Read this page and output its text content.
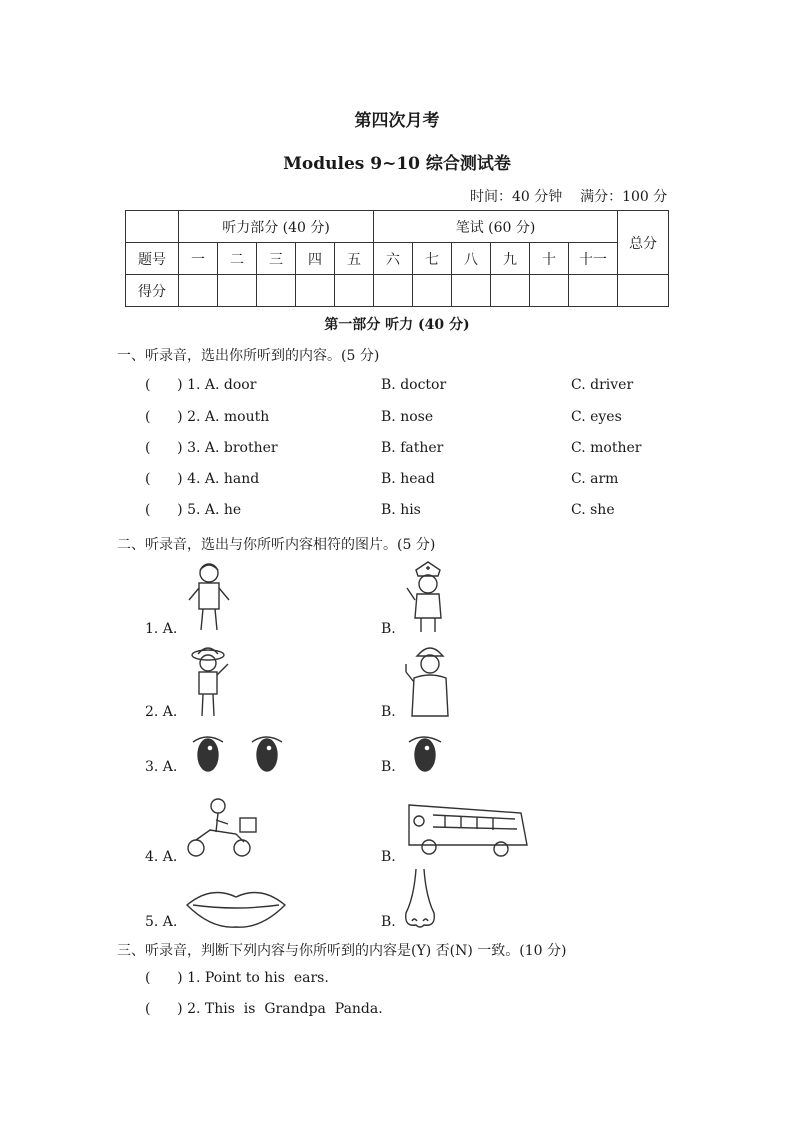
第四次月考
Modules 9~10 综合测试卷
时间：40 分钟    满分：100 分
	听力部分 (40 分)					笔试 (60 分)						总分
题号	一	二	三	四	五	六	七	八	九	十	十一	
得分												
第一部分 听力 (40 分)
一、听录音，选出你所听到的内容。(5 分)
(      ) 1. A. door	B. doctor	C. driver
(      ) 2. A. mouth	B. nose	C. eyes
(      ) 3. A. brother	B. father	C. mother
(      ) 4. A. hand	B. head	C. arm
(      ) 5. A. he	B. his	C. she
二、听录音，选出与你所听内容相符的图片。(5 分)
1. A.	B.
2. A.	B.
3. A.	B.
4. A.	B.
5. A.	B.
三、听录音，判断下列内容与你所听到的内容是(Y) 否(N) 一致。(10 分)
(      ) 1. Point to his  ears.
(      ) 2. This  is  Grandpa  Panda.
